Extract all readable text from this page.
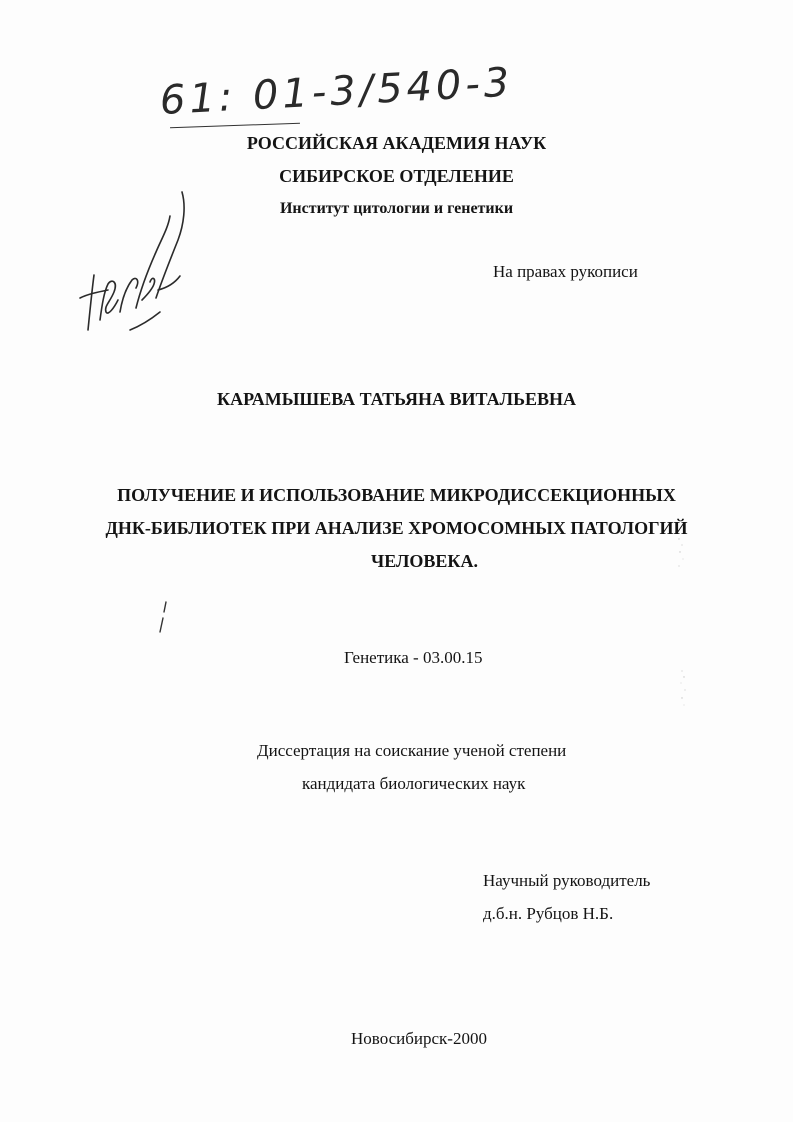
61: 01-3/540-3
РОССИЙСКАЯ АКАДЕМИЯ НАУК
СИБИРСКОЕ ОТДЕЛЕНИЕ
Институт цитологии и генетики
На правах рукописи
КАРАМЫШЕВА ТАТЬЯНА ВИТАЛЬЕВНА
ПОЛУЧЕНИЕ И ИСПОЛЬЗОВАНИЕ МИКРОДИССЕКЦИОННЫХ
ДНК-БИБЛИОТЕК ПРИ АНАЛИЗЕ ХРОМОСОМНЫХ ПАТОЛОГИЙ
ЧЕЛОВЕКА.
Генетика - 03.00.15
Диссертация на соискание ученой степени
кандидата биологических наук
Научный руководитель
д.б.н. Рубцов Н.Б.
Новосибирск-2000
